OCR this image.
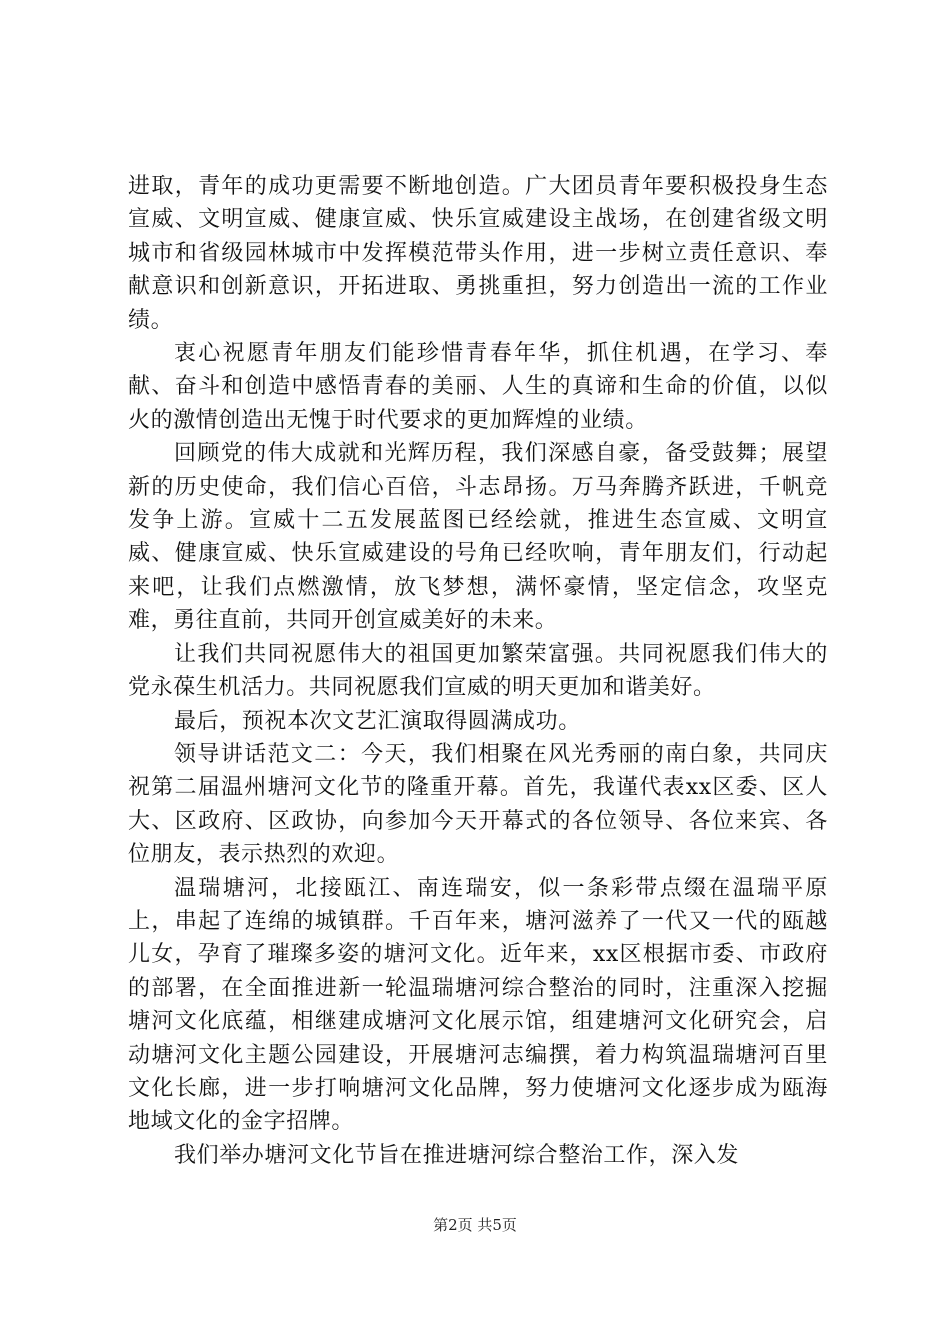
进取，青年的成功更需要不断地创造。广大团员青年要积极投身生态宣威、文明宣威、健康宣威、快乐宣威建设主战场，在创建省级文明城市和省级园林城市中发挥模范带头作用，进一步树立责任意识、奉献意识和创新意识，开拓进取、勇挑重担，努力创造出一流的工作业绩。

衷心祝愿青年朋友们能珍惜青春年华，抓住机遇，在学习、奉献、奋斗和创造中感悟青春的美丽、人生的真谛和生命的价值，以似火的激情创造出无愧于时代要求的更加辉煌的业绩。

回顾党的伟大成就和光辉历程，我们深感自豪，备受鼓舞；展望新的历史使命，我们信心百倍，斗志昂扬。万马奔腾齐跃进，千帆竞发争上游。宣威十二五发展蓝图已经绘就，推进生态宣威、文明宣威、健康宣威、快乐宣威建设的号角已经吹响，青年朋友们，行动起来吧，让我们点燃激情，放飞梦想，满怀豪情，坚定信念，攻坚克难，勇往直前，共同开创宣威美好的未来。

让我们共同祝愿伟大的祖国更加繁荣富强。共同祝愿我们伟大的党永葆生机活力。共同祝愿我们宣威的明天更加和谐美好。

最后，预祝本次文艺汇演取得圆满成功。

领导讲话范文二：今天，我们相聚在风光秀丽的南白象，共同庆祝第二届温州塘河文化节的隆重开幕。首先，我谨代表xx区委、区人大、区政府、区政协，向参加今天开幕式的各位领导、各位来宾、各位朋友，表示热烈的欢迎。

温瑞塘河，北接瓯江、南连瑞安，似一条彩带点缀在温瑞平原上，串起了连绵的城镇群。千百年来，塘河滋养了一代又一代的瓯越儿女，孕育了璀璨多姿的塘河文化。近年来，xx区根据市委、市政府的部署，在全面推进新一轮温瑞塘河综合整治的同时，注重深入挖掘塘河文化底蕴，相继建成塘河文化展示馆，组建塘河文化研究会，启动塘河文化主题公园建设，开展塘河志编撰，着力构筑温瑞塘河百里文化长廊，进一步打响塘河文化品牌，努力使塘河文化逐步成为瓯海地域文化的金字招牌。

我们举办塘河文化节旨在推进塘河综合整治工作，深入发

第2页 共5页
